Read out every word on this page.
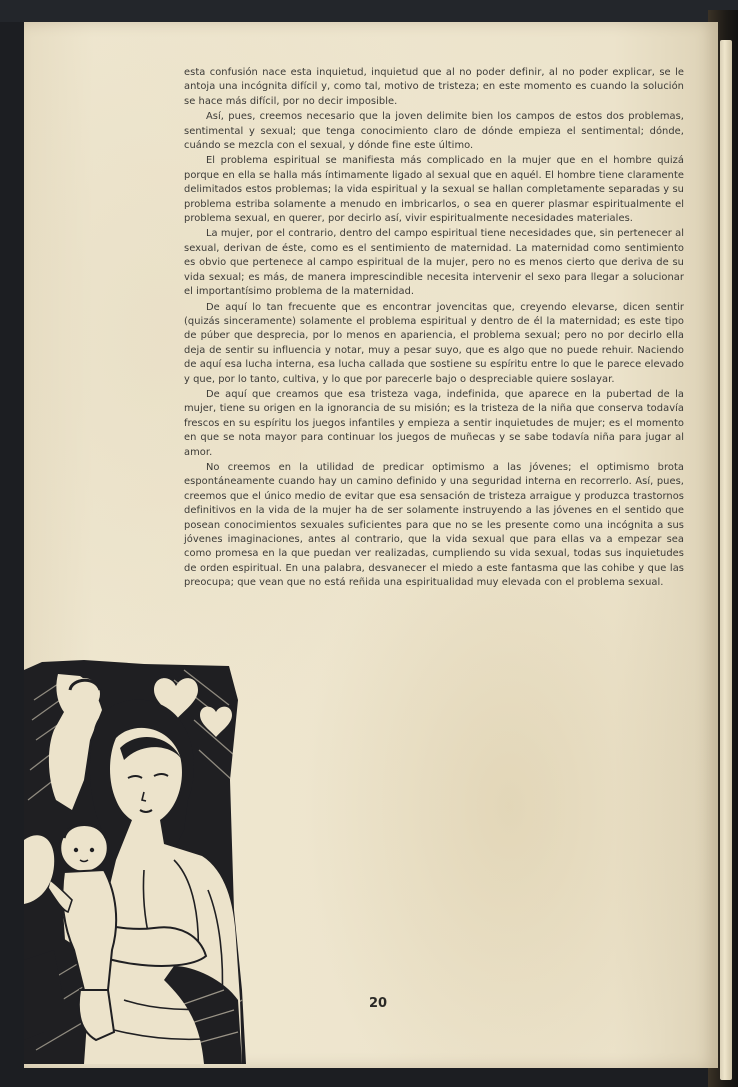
esta confusión nace esta inquietud, inquietud que al no poder definir, al no poder explicar, se le antoja una incógnita difícil y, como tal, motivo de tristeza; en este momento es cuando la solución se hace más difícil, por no decir imposible.

Así, pues, creemos necesario que la joven delimite bien los campos de estos dos problemas, sentimental y sexual; que tenga conocimiento claro de dónde empieza el sentimental; dónde, cuándo se mezcla con el sexual, y dónde fine este último.

El problema espiritual se manifiesta más complicado en la mujer que en el hombre quizá porque en ella se halla más íntimamente ligado al sexual que en aquél. El hombre tiene claramente delimitados estos problemas; la vida espiritual y la sexual se hallan completamente separadas y su problema estriba solamente a menudo en imbricarlos, o sea en querer plasmar espiritualmente el problema sexual, en querer, por decirlo así, vivir espiritualmente necesidades materiales.

La mujer, por el contrario, dentro del campo espiritual tiene necesidades que, sin pertenecer al sexual, derivan de éste, como es el sentimiento de maternidad. La maternidad como sentimiento es obvio que pertenece al campo espiritual de la mujer, pero no es menos cierto que deriva de su vida sexual; es más, de manera imprescindible necesita intervenir el sexo para llegar a solucionar el importantísimo problema de la maternidad.

De aquí lo tan frecuente que es encontrar jovencitas que, creyendo elevarse, dicen sentir (quizás sinceramente) solamente el problema espiritual y dentro de él la maternidad; es este tipo de púber que desprecia, por lo menos en apariencia, el problema sexual; pero no por decirlo ella deja de sentir su influencia y notar, muy a pesar suyo, que es algo que no puede rehuir. Naciendo de aquí esa lucha interna, esa lucha callada que sostiene su espíritu entre lo que le parece elevado y que, por lo tanto, cultiva, y lo que por parecerle bajo o despreciable quiere soslayar.

De aquí que creamos que esa tristeza vaga, indefinida, que aparece en la pubertad de la mujer, tiene su origen en la ignorancia de su misión; es la tristeza de la niña que conserva todavía frescos en su espíritu los juegos infantiles y empieza a sentir inquietudes de mujer; es el momento en que se nota mayor para continuar los juegos de muñecas y se sabe todavía niña para jugar al amor.

No creemos en la utilidad de predicar optimismo a las jóvenes; el optimismo brota espontáneamente cuando hay un camino definido y una seguridad interna en recorrerlo. Así, pues, creemos que el único medio de evitar que esa sensación de tristeza arraigue y produzca trastornos definitivos en la vida de la mujer ha de ser solamente instruyendo a las jóvenes en el sentido que posean conocimientos sexuales suficientes para que no se les presente como una incógnita a sus jóvenes imaginaciones, antes al contrario, que la vida sexual que para ellas va a empezar sea como promesa en la que puedan ver realizadas, cumpliendo su vida sexual, todas sus inquietudes de orden espiritual. En una palabra, desvanecer el miedo a este fantasma que las cohibe y que las preocupa; que vean que no está reñida una espiritualidad muy elevada con el problema sexual.

20
